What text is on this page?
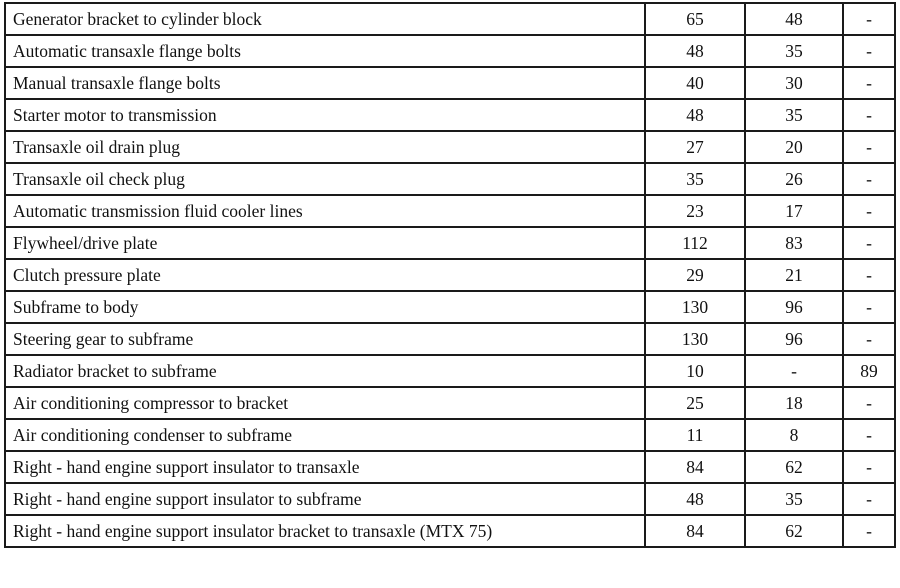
Generator bracket to cylinder block	65	48	-
Automatic transaxle flange bolts	48	35	-
Manual transaxle flange bolts	40	30	-
Starter motor to transmission	48	35	-
Transaxle oil drain plug	27	20	-
Transaxle oil check plug	35	26	-
Automatic transmission fluid cooler lines	23	17	-
Flywheel/drive plate	112	83	-
Clutch pressure plate	29	21	-
Subframe to body	130	96	-
Steering gear to subframe	130	96	-
Radiator bracket to subframe	10	-	89
Air conditioning compressor to bracket	25	18	-
Air conditioning condenser to subframe	11	8	-
Right - hand engine support insulator to transaxle	84	62	-
Right - hand engine support insulator to subframe	48	35	-
Right - hand engine support insulator bracket to transaxle (MTX 75)	84	62	-
